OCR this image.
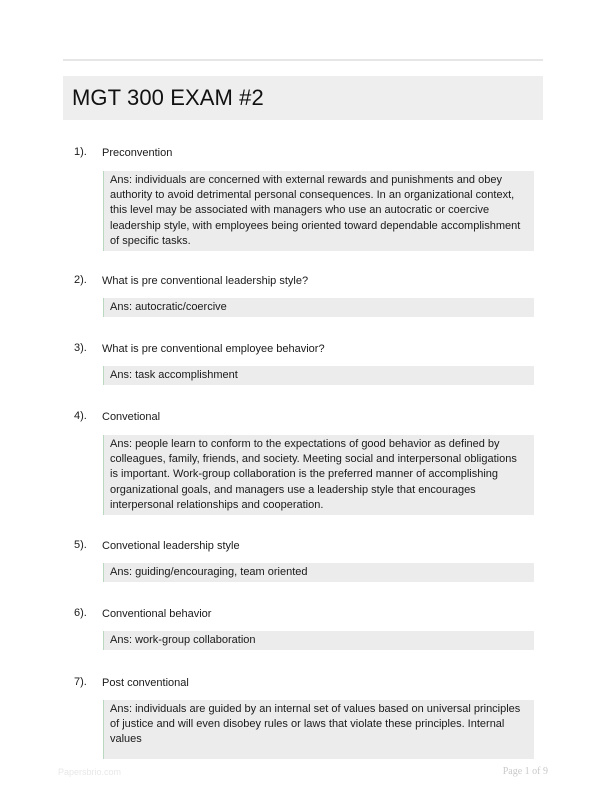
MGT 300 EXAM #2
1). Preconvention
Ans: individuals are concerned with external rewards and punishments and obey authority to avoid detrimental personal consequences. In an organizational context, this level may be associated with managers who use an autocratic or coercive leadership style, with employees being oriented toward dependable accomplishment of specific tasks.
2). What is pre conventional leadership style?
Ans: autocratic/coercive
3). What is pre conventional employee behavior?
Ans: task accomplishment
4). Convetional
Ans: people learn to conform to the expectations of good behavior as defined by colleagues, family, friends, and society. Meeting social and interpersonal obligations is important. Work-group collaboration is the preferred manner of accomplishing organizational goals, and managers use a leadership style that encourages interpersonal relationships and cooperation.
5). Convetional leadership style
Ans: guiding/encouraging, team oriented
6). Conventional behavior
Ans: work-group collaboration
7). Post conventional
Ans: individuals are guided by an internal set of values based on universal principles of justice and will even disobey rules or laws that violate these principles. Internal values
Papersbrio.com	Page 1 of 9
